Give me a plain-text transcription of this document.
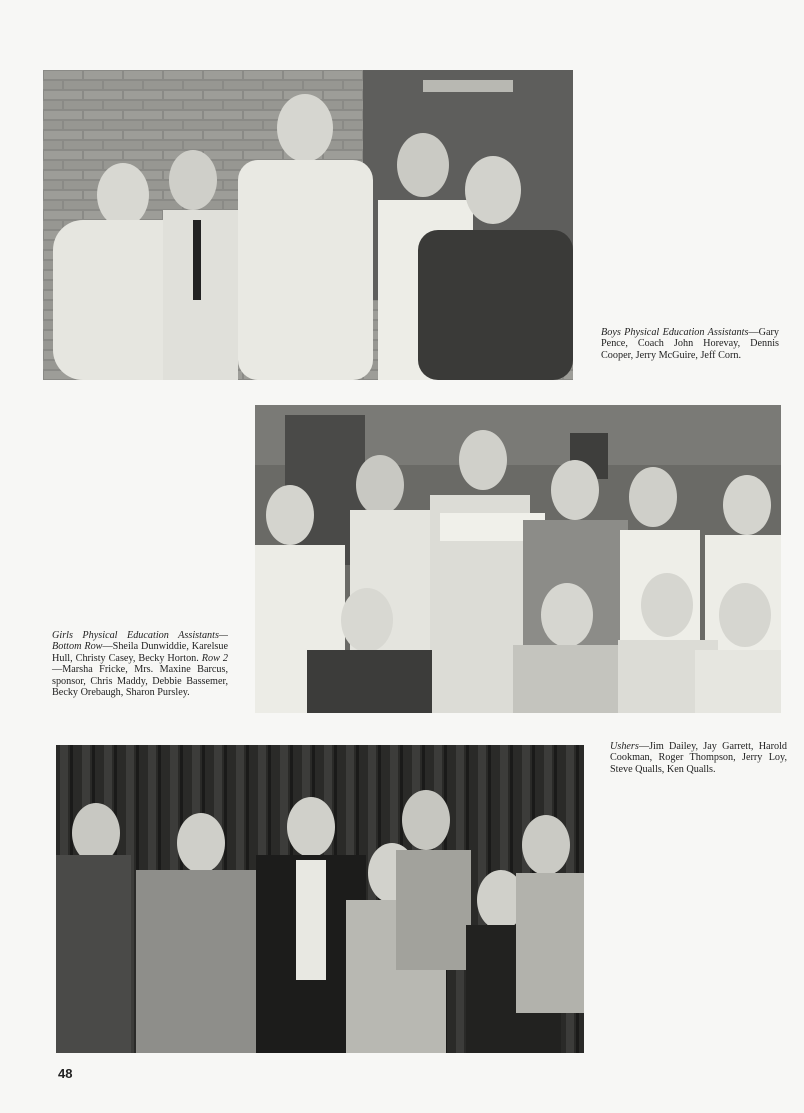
Boys Physical Education Assistants—Gary Pence, Coach John Horevay, Dennis Cooper, Jerry McGuire, Jeff Corn.
Girls Physical Education Assistants—Bottom Row—Sheila Dunwiddie, Karelsue Hull, Christy Casey, Becky Horton. Row 2—Marsha Fricke, Mrs. Maxine Barcus, sponsor, Chris Maddy, Debbie Bassemer, Becky Orebaugh, Sharon Pursley.
Ushers—Jim Dailey, Jay Garrett, Harold Cookman, Roger Thompson, Jerry Loy, Steve Qualls, Ken Qualls.
48
